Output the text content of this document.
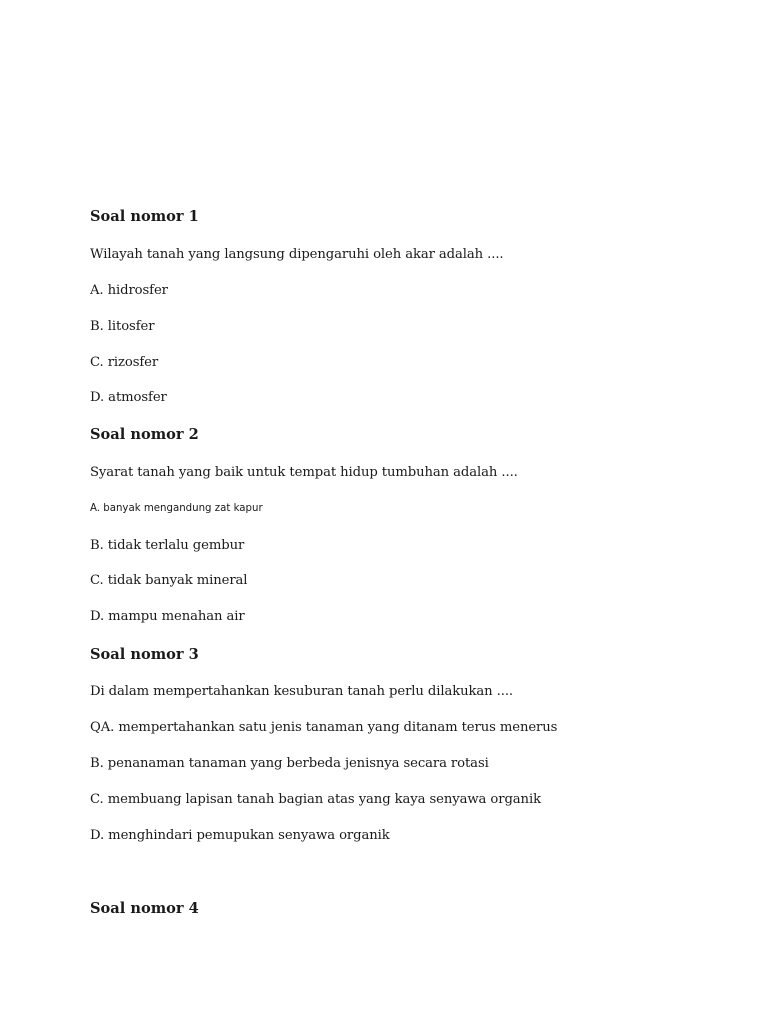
Soal nomor 1
Wilayah tanah yang langsung dipengaruhi oleh akar adalah ....
A. hidrosfer
B. litosfer
C. rizosfer
D. atmosfer
Soal nomor 2
Syarat tanah yang baik untuk tempat hidup tumbuhan adalah ....
A. banyak mengandung zat kapur
B. tidak terlalu gembur
C. tidak banyak mineral
D. mampu menahan air
Soal nomor 3
Di dalam mempertahankan kesuburan tanah perlu dilakukan ....
QA. mempertahankan satu jenis tanaman yang ditanam terus menerus
B. penanaman tanaman yang berbeda jenisnya secara rotasi
C. membuang lapisan tanah bagian atas yang kaya senyawa organik
D. menghindari pemupukan senyawa organik
Soal nomor 4
